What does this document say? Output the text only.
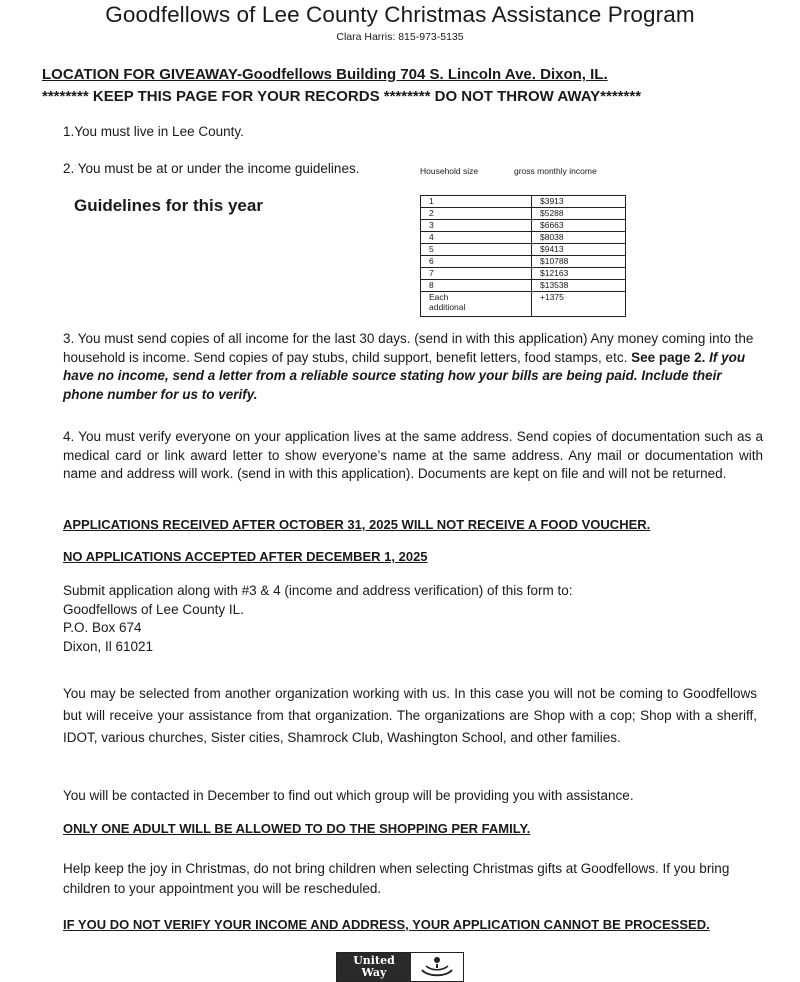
Goodfellows of Lee County Christmas Assistance Program
Clara Harris: 815-973-5135
LOCATION FOR GIVEAWAY-Goodfellows Building 704 S. Lincoln Ave. Dixon, IL.
******** KEEP THIS PAGE FOR YOUR RECORDS ******** DO NOT THROW AWAY*******
1.You must live in Lee County.
2. You must be at or under the income guidelines.	Household size	gross monthly income
Guidelines for this year	1	$3913
2	$5288
3	$6663
4	$8038
5	$9413
6	$10788
7	$12163
8	$13538

Each
additional	+1375
3. You must send copies of all income for the last 30 days. (send in with this application) Any money coming into the household is income. Send copies of pay stubs, child support, benefit letters, food stamps, etc. See page 2. If you have no income, send a letter from a reliable source stating how your bills are being paid. Include their phone number for us to verify.
4. You must verify everyone on your application lives at the same address. Send copies of documentation such as a medical card or link award letter to show everyone’s name at the same address. Any mail or documentation with name and address will work. (send in with this application). Documents are kept on file and will not be returned.
APPLICATIONS RECEIVED AFTER OCTOBER 31, 2025 WILL NOT RECEIVE A FOOD VOUCHER.
NO APPLICATIONS ACCEPTED AFTER DECEMBER 1, 2025
Submit application along with #3 & 4 (income and address verification) of this form to:
Goodfellows of Lee County IL.
P.O. Box 674
Dixon, Il 61021
You may be selected from another organization working with us. In this case you will not be coming to Goodfellows but will receive your assistance from that organization. The organizations are Shop with a cop; Shop with a sheriff, IDOT, various churches, Sister cities, Shamrock Club, Washington School, and other families.
You will be contacted in December to find out which group will be providing you with assistance.
ONLY ONE ADULT WILL BE ALLOWED TO DO THE SHOPPING PER FAMILY.
Help keep the joy in Christmas, do not bring children when selecting Christmas gifts at Goodfellows. If you bring children to your appointment you will be rescheduled.
IF YOU DO NOT VERIFY YOUR INCOME AND ADDRESS, YOUR APPLICATION CANNOT BE PROCESSED.
United
Way
